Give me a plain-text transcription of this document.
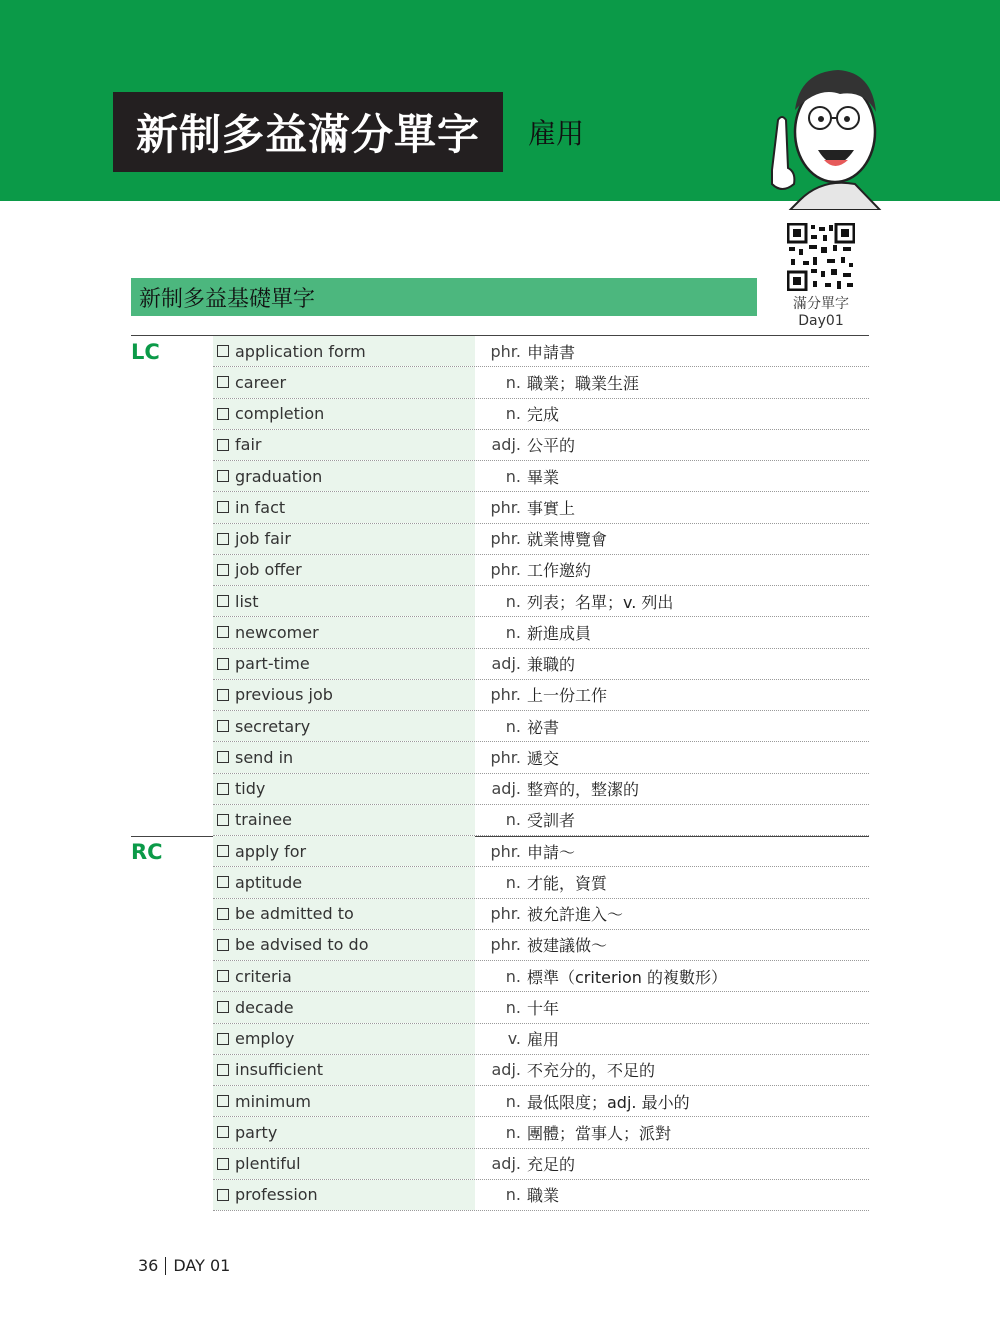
新制多益滿分單字	雇用
滿分單字
Day01
新制多益基礎單字
LC
RC
application form	phr. 申請書
career	n. 職業；職業生涯
completion	n. 完成
fair	adj. 公平的
graduation	n. 畢業
in fact	phr. 事實上
job fair	phr. 就業博覽會
job offer	phr. 工作邀約
list	n. 列表；名單；v. 列出
newcomer	n. 新進成員
part-time	adj. 兼職的
previous job	phr. 上一份工作
secretary	n. 祕書
send in	phr. 遞交
tidy	adj. 整齊的，整潔的
trainee	n. 受訓者
apply for	phr. 申請～
aptitude	n. 才能，資質
be admitted to	phr. 被允許進入～
be advised to do	phr. 被建議做～
criteria	n. 標準（criterion 的複數形）
decade	n. 十年
employ	v. 雇用
insufficient	adj. 不充分的，不足的
minimum	n. 最低限度；adj. 最小的
party	n. 團體；當事人；派對
plentiful	adj. 充足的
profession	n. 職業
36 DAY 01
